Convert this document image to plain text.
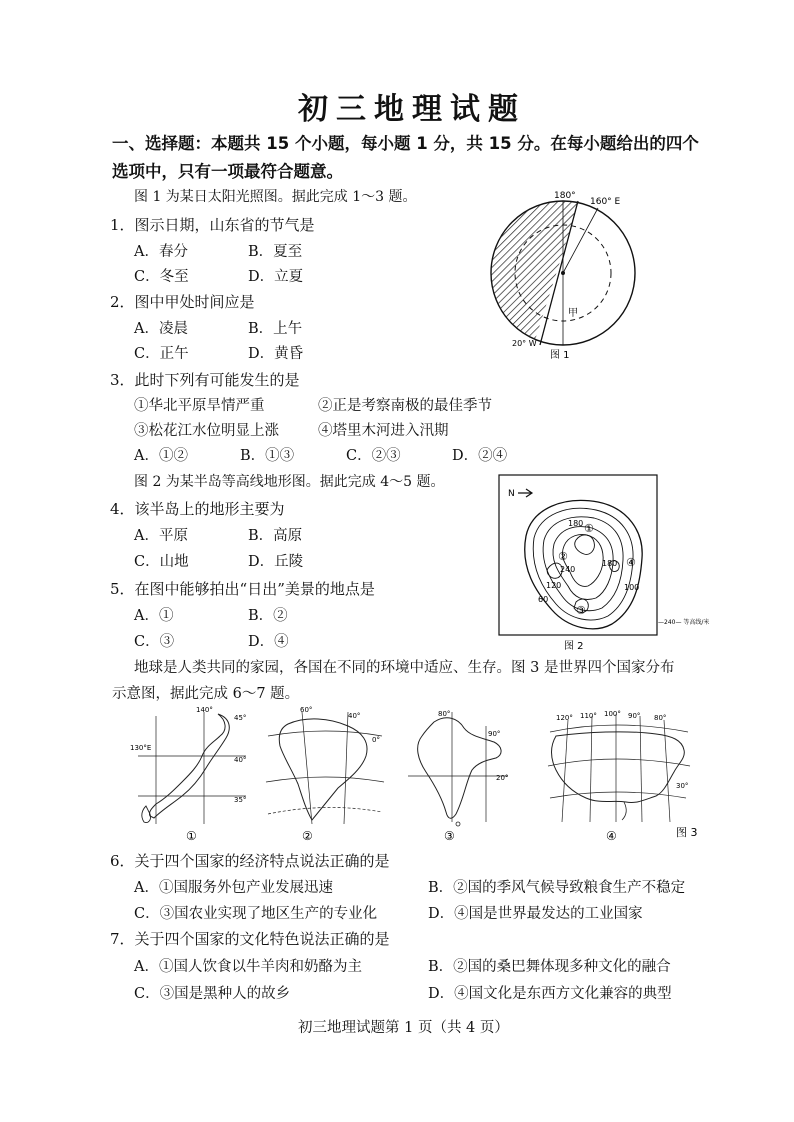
初三地理试题
一、选择题：本题共 15 个小题，每小题 1 分，共 15 分。在每小题给出的四个
选项中，只有一项最符合题意。
图 1 为某日太阳光照图。据此完成 1～3 题。
1．图示日期，山东省的节气是
A．春分	B．夏至
C．冬至	D．立夏
2．图中甲处时间应是
A．凌晨	B．上午
C．正午	D．黄昏
180°
160° E
20° W
甲
图 1
3．此时下列有可能发生的是
①华北平原旱情严重	②正是考察南极的最佳季节
③松花江水位明显上涨	④塔里木河进入汛期
A．①②	B．①③	C．②③	D．②④
图 2 为某半岛等高线地形图。据此完成 4～5 题。
4．该半岛上的地形主要为
A．平原	B．高原
C．山地	D．丘陵
5．在图中能够拍出“日出”美景的地点是
A．①	B．②
C．③	D．④
N
180
240
120
60
100
180
①
②
③
④
图 2
—240— 等高线/米
地球是人类共同的家园，各国在不同的环境中适应、生存。图 3 是世界四个国家分布
示意图，据此完成 6～7 题。
140°
45°
130°E
40°
35°
①
60°
40°
0°
②
80°
90°
20°
③
120° 110° 100° 90° 80°
30°
④	图 3
6．关于四个国家的经济特点说法正确的是
A．①国服务外包产业发展迅速	B．②国的季风气候导致粮食生产不稳定
C．③国农业实现了地区生产的专业化	D．④国是世界最发达的工业国家
7．关于四个国家的文化特色说法正确的是
A．①国人饮食以牛羊肉和奶酪为主	B．②国的桑巴舞体现多种文化的融合
C．③国是黑种人的故乡	D．④国文化是东西方文化兼容的典型
初三地理试题第 1 页（共 4 页）
